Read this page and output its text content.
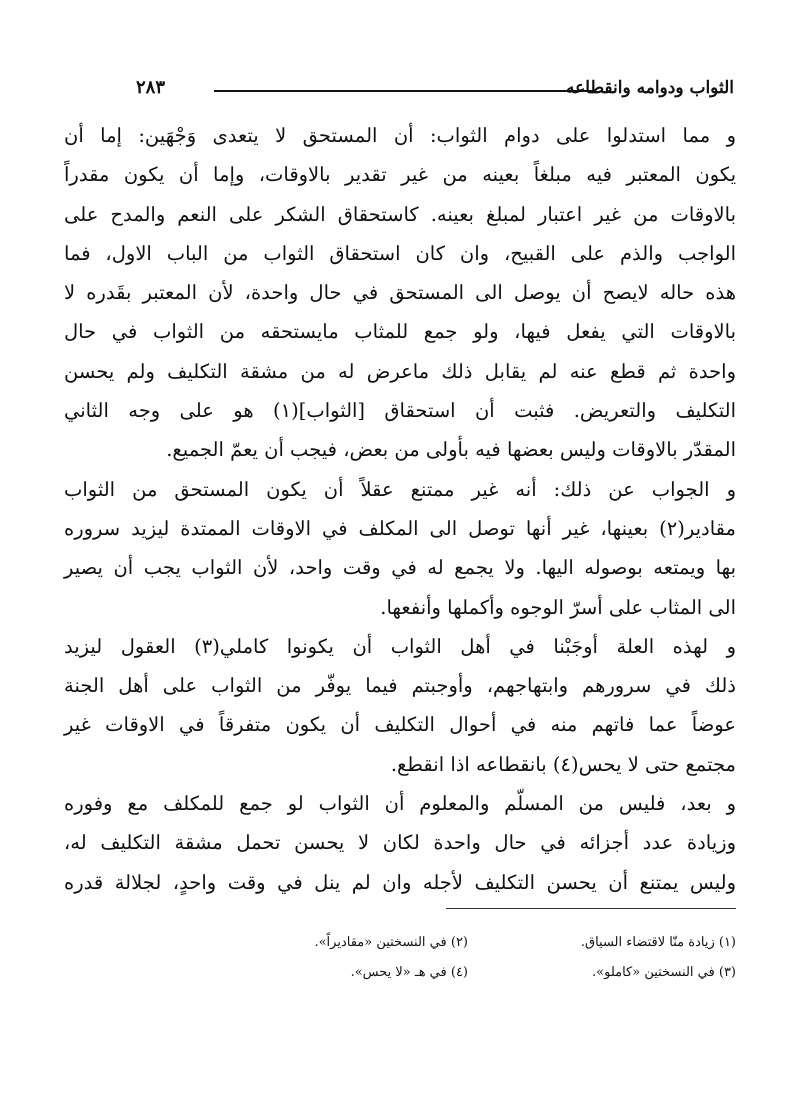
الثواب ودوامه وانقطاعه
٢٨٣
و مما استدلوا على دوام الثواب: أن المستحق لا يتعدى وَجْهَين: إما أن
يكون المعتبر فيه مبلغاً بعينه من غير تقدير بالاوقات، وإما أن يكون مقدراً
بالاوقات من غير اعتبار لمبلغ بعينه. كاستحقاق الشكر على النعم والمدح على
الواجب والذم على القبيح، وان كان استحقاق الثواب من الباب الاول، فما
هذه حاله لايصح أن يوصل الى المستحق في حال واحدة، لأن المعتبر بقَدره لا
بالاوقات التي يفعل فيها، ولو جمع للمثاب مايستحقه من الثواب في حال
واحدة ثم قطع عنه لم يقابل ذلك ماعرض له من مشقة التكليف ولم يحسن
التكليف والتعريض. فثبت أن استحقاق [الثواب](١) هو على وجه الثاني
المقدّر بالاوقات وليس بعضها فيه بأولى من بعض، فيجب أن يعمّ الجميع.
و الجواب عن ذلك: أنه غير ممتنع عقلاً أن يكون المستحق من الثواب
مقادير(٢) بعينها، غير أنها توصل الى المكلف في الاوقات الممتدة ليزيد سروره
بها ويمتعه بوصوله اليها. ولا يجمع له في وقت واحد، لأن الثواب يجب أن يصير
الى المثاب على أسرّ الوجوه وأكملها وأنفعها.
و لهذه العلة أوجَبْنا في أهل الثواب أن يكونوا كاملي(٣) العقول ليزيد
ذلك في سرورهم وابتهاجهم، وأوجبتم فيما يوفّر من الثواب على أهل الجنة
عوضاً عما فاتهم منه في أحوال التكليف أن يكون متفرقاً في الاوقات غير
مجتمع حتى لا يحس(٤) بانقطاعه اذا انقطع.
و بعد، فليس من المسلّم والمعلوم أن الثواب لو جمع للمكلف مع وفوره
وزيادة عدد أجزائه في حال واحدة لكان لا يحسن تحمل مشقة التكليف له،
وليس يمتنع أن يحسن التكليف لأجله وان لم ينل في وقت واحدٍ، لجلالة قدره
(١) زيادة منّا لاقتضاء السياق.
(٢) في النسختين «مقاديراً».
(٣) في النسختين «كاملو».
(٤) في هـ «لا يحس».
